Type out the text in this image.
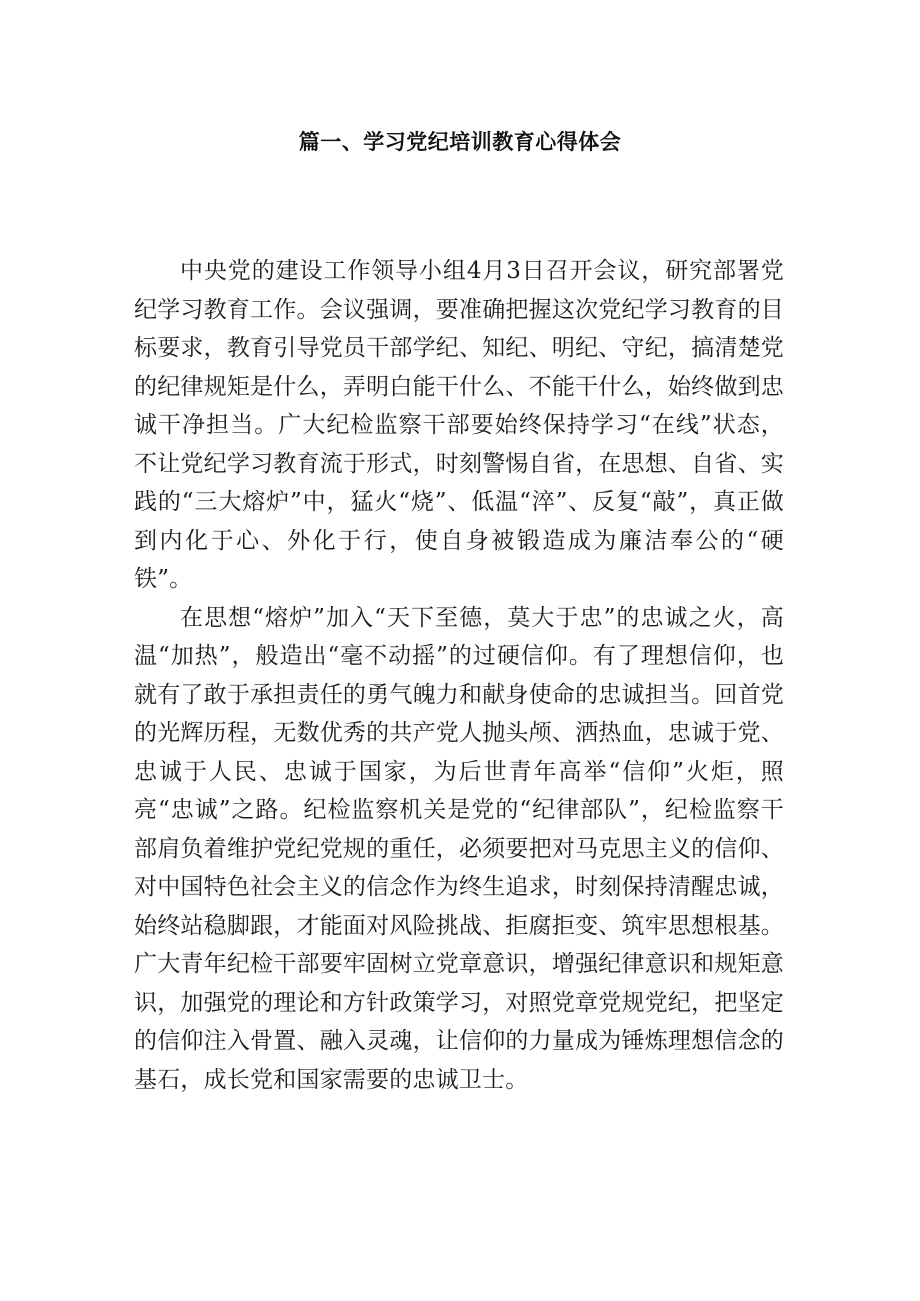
篇一、学习党纪培训教育心得体会

中央党的建设工作领导小组4月3日召开会议，研究部署党纪学习教育工作。会议强调，要准确把握这次党纪学习教育的目标要求，教育引导党员干部学纪、知纪、明纪、守纪，搞清楚党的纪律规矩是什么，弄明白能干什么、不能干什么，始终做到忠诚干净担当。广大纪检监察干部要始终保持学习“在线”状态，不让党纪学习教育流于形式，时刻警惕自省，在思想、自省、实践的“三大熔炉”中，猛火“烧”、低温“淬”、反复“敲”，真正做到内化于心、外化于行，使自身被锻造成为廉洁奉公的“硬铁”。

在思想“熔炉”加入“天下至德，莫大于忠”的忠诚之火，高温“加热”，般造出“毫不动摇”的过硬信仰。有了理想信仰，也就有了敢于承担责任的勇气魄力和献身使命的忠诚担当。回首党的光辉历程，无数优秀的共产党人抛头颅、洒热血，忠诚于党、忠诚于人民、忠诚于国家，为后世青年高举“信仰”火炬，照亮“忠诚”之路。纪检监察机关是党的“纪律部队”，纪检监察干部肩负着维护党纪党规的重任，必须要把对马克思主义的信仰、对中国特色社会主义的信念作为终生追求，时刻保持清醒忠诚，始终站稳脚跟，才能面对风险挑战、拒腐拒变、筑牢思想根基。广大青年纪检干部要牢固树立党章意识，增强纪律意识和规矩意识，加强党的理论和方针政策学习，对照党章党规党纪，把坚定的信仰注入骨置、融入灵魂，让信仰的力量成为锤炼理想信念的基石，成长党和国家需要的忠诚卫士。
